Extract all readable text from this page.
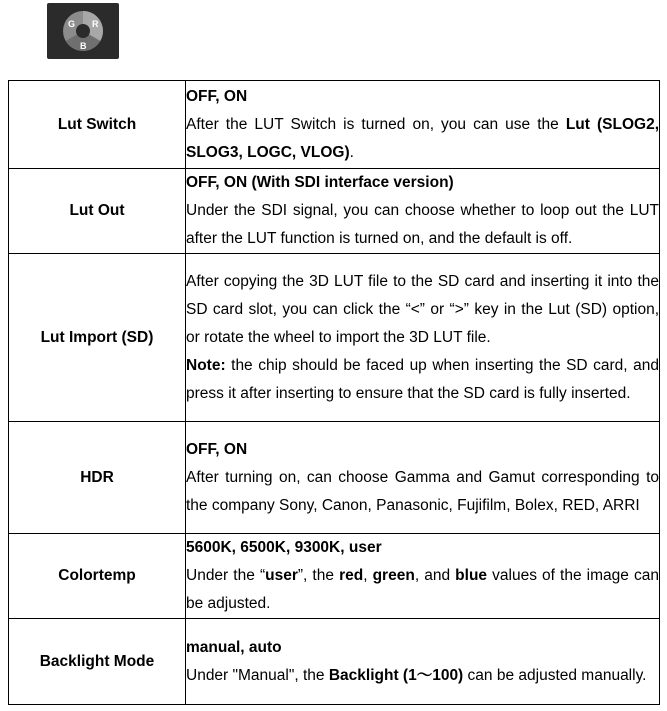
G R
B
Lut Switch	OFF, ON
After the LUT Switch is turned on, you can use the Lut (SLOG2, SLOG3, LOGC, VLOG).
Lut Out	OFF, ON (With SDI interface version)
Under the SDI signal, you can choose whether to loop out the LUT after the LUT function is turned on, and the default is off.
Lut Import (SD)	After copying the 3D LUT file to the SD card and inserting it into the SD card slot, you can click the “<” or “>” key in the Lut (SD) option, or rotate the wheel to import the 3D LUT file.
Note: the chip should be faced up when inserting the SD card, and press it after inserting to ensure that the SD card is fully inserted.
HDR	OFF, ON
After turning on, can choose Gamma and Gamut corresponding to the company Sony, Canon, Panasonic, Fujifilm, Bolex, RED, ARRI
Colortemp	5600K, 6500K, 9300K, user
Under the “user”, the red, green, and blue values of the image can be adjusted.
Backlight Mode	manual, auto
Under "Manual", the Backlight (1～100) can be adjusted manually.
